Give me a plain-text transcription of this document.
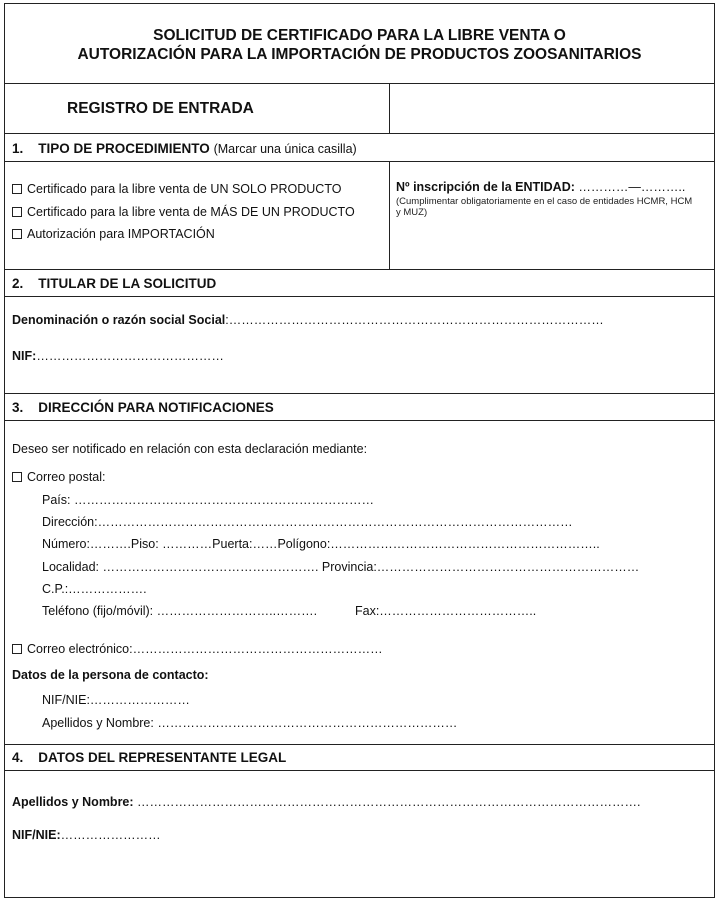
SOLICITUD DE CERTIFICADO PARA LA LIBRE VENTA O
AUTORIZACIÓN PARA LA IMPORTACIÓN DE PRODUCTOS ZOOSANITARIOS
REGISTRO DE ENTRADA
1. TIPO DE PROCEDIMIENTO (Marcar una única casilla)
Certificado para la libre venta de UN SOLO PRODUCTO
Certificado para la libre venta de MÁS DE UN PRODUCTO
Autorización para IMPORTACIÓN
Nº inscripción de la ENTIDAD: …………—………..
(Cumplimentar obligatoriamente en el caso de entidades HCMR, HCM
y MUZ)
2. TITULAR DE LA SOLICITUD
Denominación o razón social Social:………………………………………………………………………………
NIF:………………………………………
3. DIRECCIÓN PARA NOTIFICACIONES
Deseo ser notificado en relación con esta declaración mediante:
Correo postal:
País: ………………………………………………………………
Dirección:……………………………………………………………………………………………………
Número:……….Piso: …………Puerta:……Polígono:………………………………………………………..
Localidad: ……………………………………………. Provincia:………………………………………………………
C.P.:……………….
Teléfono (fijo/móvil): ………………………..……….	Fax:………………………………..
Correo electrónico:……………………………………………………
Datos de la persona de contacto:
NIF/NIE:……………………
Apellidos y Nombre: ………………………………………………………………
4. DATOS DEL REPRESENTANTE LEGAL
Apellidos y Nombre: ………………………………………………………………………………………………………….
NIF/NIE:……………………
